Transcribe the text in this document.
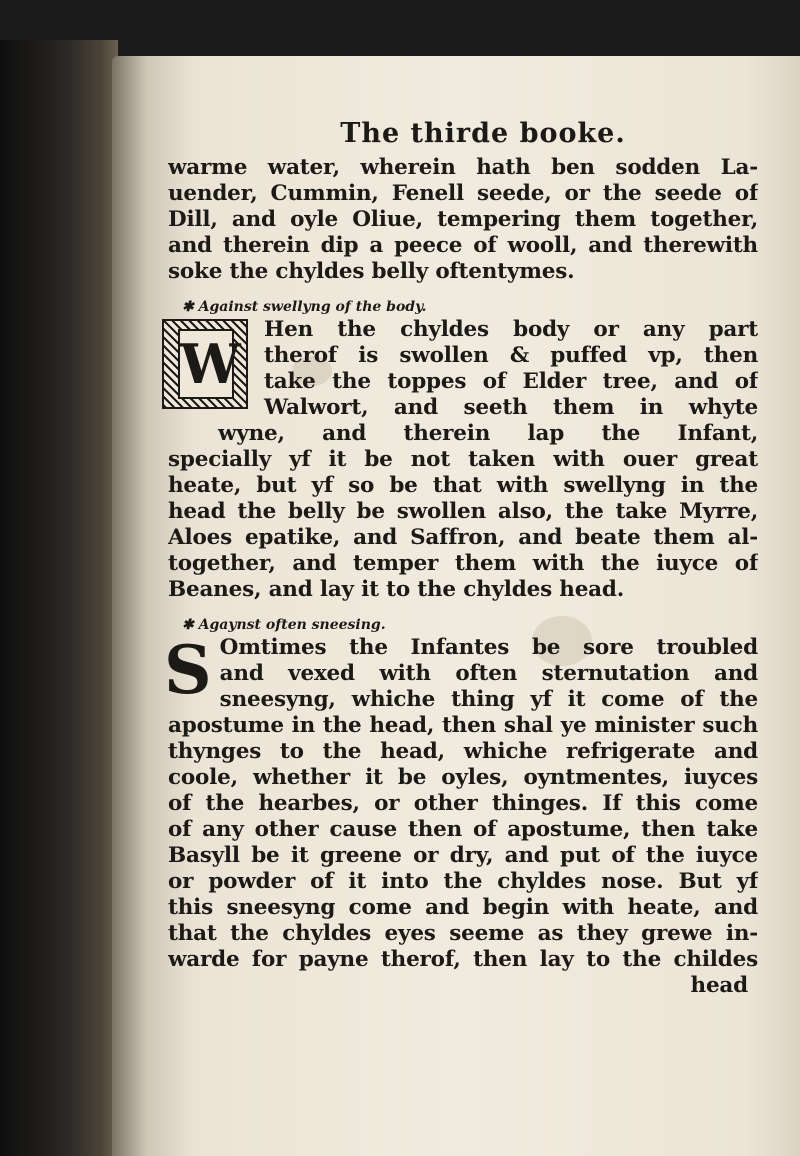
The thirde booke.
warme water, wherein hath ben sodden La-
uender, Cummin, Fenell seede, or the seede of
Dill, and oyle Oliue, tempering them together,
and therein dip a peece of wooll, and therewith
soke the chyldes belly oftentymes.
✱ Against swellyng of the body.
W
Hen the chyldes body or any part
therof is swollen & puffed vp, then
take the toppes of Elder tree, and of
Walwort, and seeth them in whyte
wyne, and therein lap the Infant,
specially yf it be not taken with ouer great
heate, but yf so be that with swellyng in the
head the belly be swollen also, the take Myrre,
Aloes epatike, and Saffron, and beate them al-
together, and temper them with the iuyce of
Beanes, and lay it to the chyldes head.
✱ Agaynst often sneesing.
S Omtimes the Infantes be sore troubled
and vexed with often sternutation and
sneesyng, whiche thing yf it come of the
apostume in the head, then shal ye minister such
thynges to the head, whiche refrigerate and
coole, whether it be oyles, oyntmentes, iuyces
of the hearbes, or other thinges. If this come
of any other cause then of apostume, then take
Basyll be it greene or dry, and put of the iuyce
or powder of it into the chyldes nose. But yf
this sneesyng come and begin with heate, and
that the chyldes eyes seeme as they grewe in-
warde for payne therof, then lay to the childes
head
